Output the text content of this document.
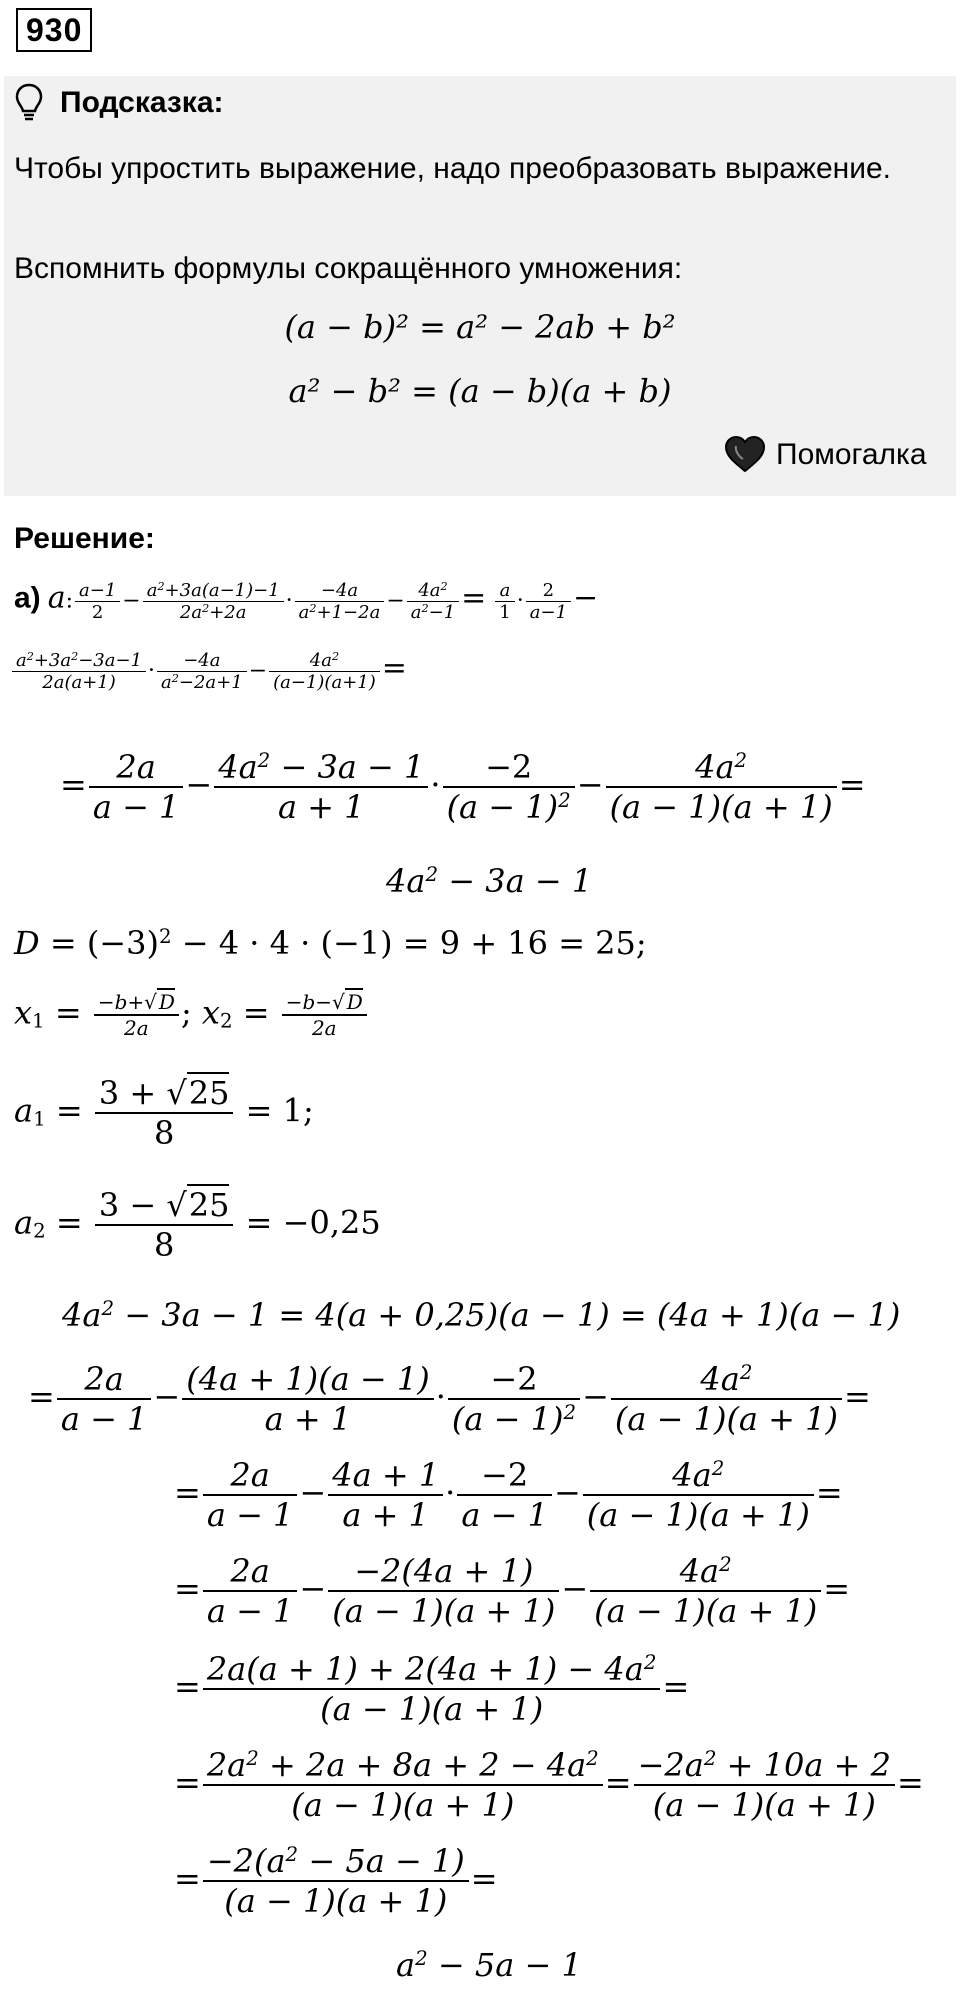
930
Подсказка:
Чтобы упростить выражение, надо преобразовать выражение.
Вспомнить формулы сокращённого умножения:
(a − b)² = a² − 2ab + b²
a² − b² = (a − b)(a + b)
Помогалка
Решение:
а) a: $\frac{a-1}{2} - \frac{a^2+3a(a-1)-1}{2a^2+2a} \cdot \frac{-4a}{a^2+1-2a} - \frac{4a^2}{a^2-1} = \frac{a}{1} \cdot \frac{2}{a-1}$ −
$\frac{a^2+3a^2-3a-1}{2a(a+1)} \cdot \frac{-4a}{a^2-2a+1} - \frac{4a^2}{(a-1)(a+1)}$ =
= $\frac{2a}{a - 1} - \frac{4a^2 - 3a - 1}{a + 1} \cdot \frac{-2}{(a - 1)^2} - \frac{4a^2}{(a - 1)(a + 1)}$ =
$4a^2 - 3a - 1$
$D = (-3)^2 - 4 \cdot 4 \cdot (-1) = 9 + 16 = 25$;
$x_1 = \frac{-b+√ D}{2a}$ ; $x_2 = \frac{-b-√ D}{2a}$
$a_1 = \frac{3 + √25}{8} = 1$;
$a_2 = \frac{3 - √25}{8} = -0,25$
$4a^2 - 3a - 1 = 4(a + 0,25)(a - 1) = (4a + 1)(a - 1)$
= $\frac{2a}{a - 1} - \frac{(4a + 1)(a - 1)}{a + 1} \cdot \frac{-2}{(a - 1)^2} - \frac{4a^2}{(a - 1)(a + 1)}$ =
= $\frac{2a}{a - 1} - \frac{4a + 1}{a + 1} \cdot \frac{-2}{a - 1} - \frac{4a^2}{(a - 1)(a + 1)}$ =
= $\frac{2a}{a - 1} - \frac{-2(4a + 1)}{(a - 1)(a + 1)} - \frac{4a^2}{(a - 1)(a + 1)}$ =
= $\frac{2a(a + 1) + 2(4a + 1) - 4a^2}{(a - 1)(a + 1)}$ =
= $\frac{2a^2 + 2a + 8a + 2 - 4a^2}{(a - 1)(a + 1)} = \frac{-2a^2 + 10a + 2}{(a - 1)(a + 1)}$ =
= $\frac{-2(a^2 - 5a - 1)}{(a - 1)(a + 1)}$ =
$a^2 - 5a - 1$
